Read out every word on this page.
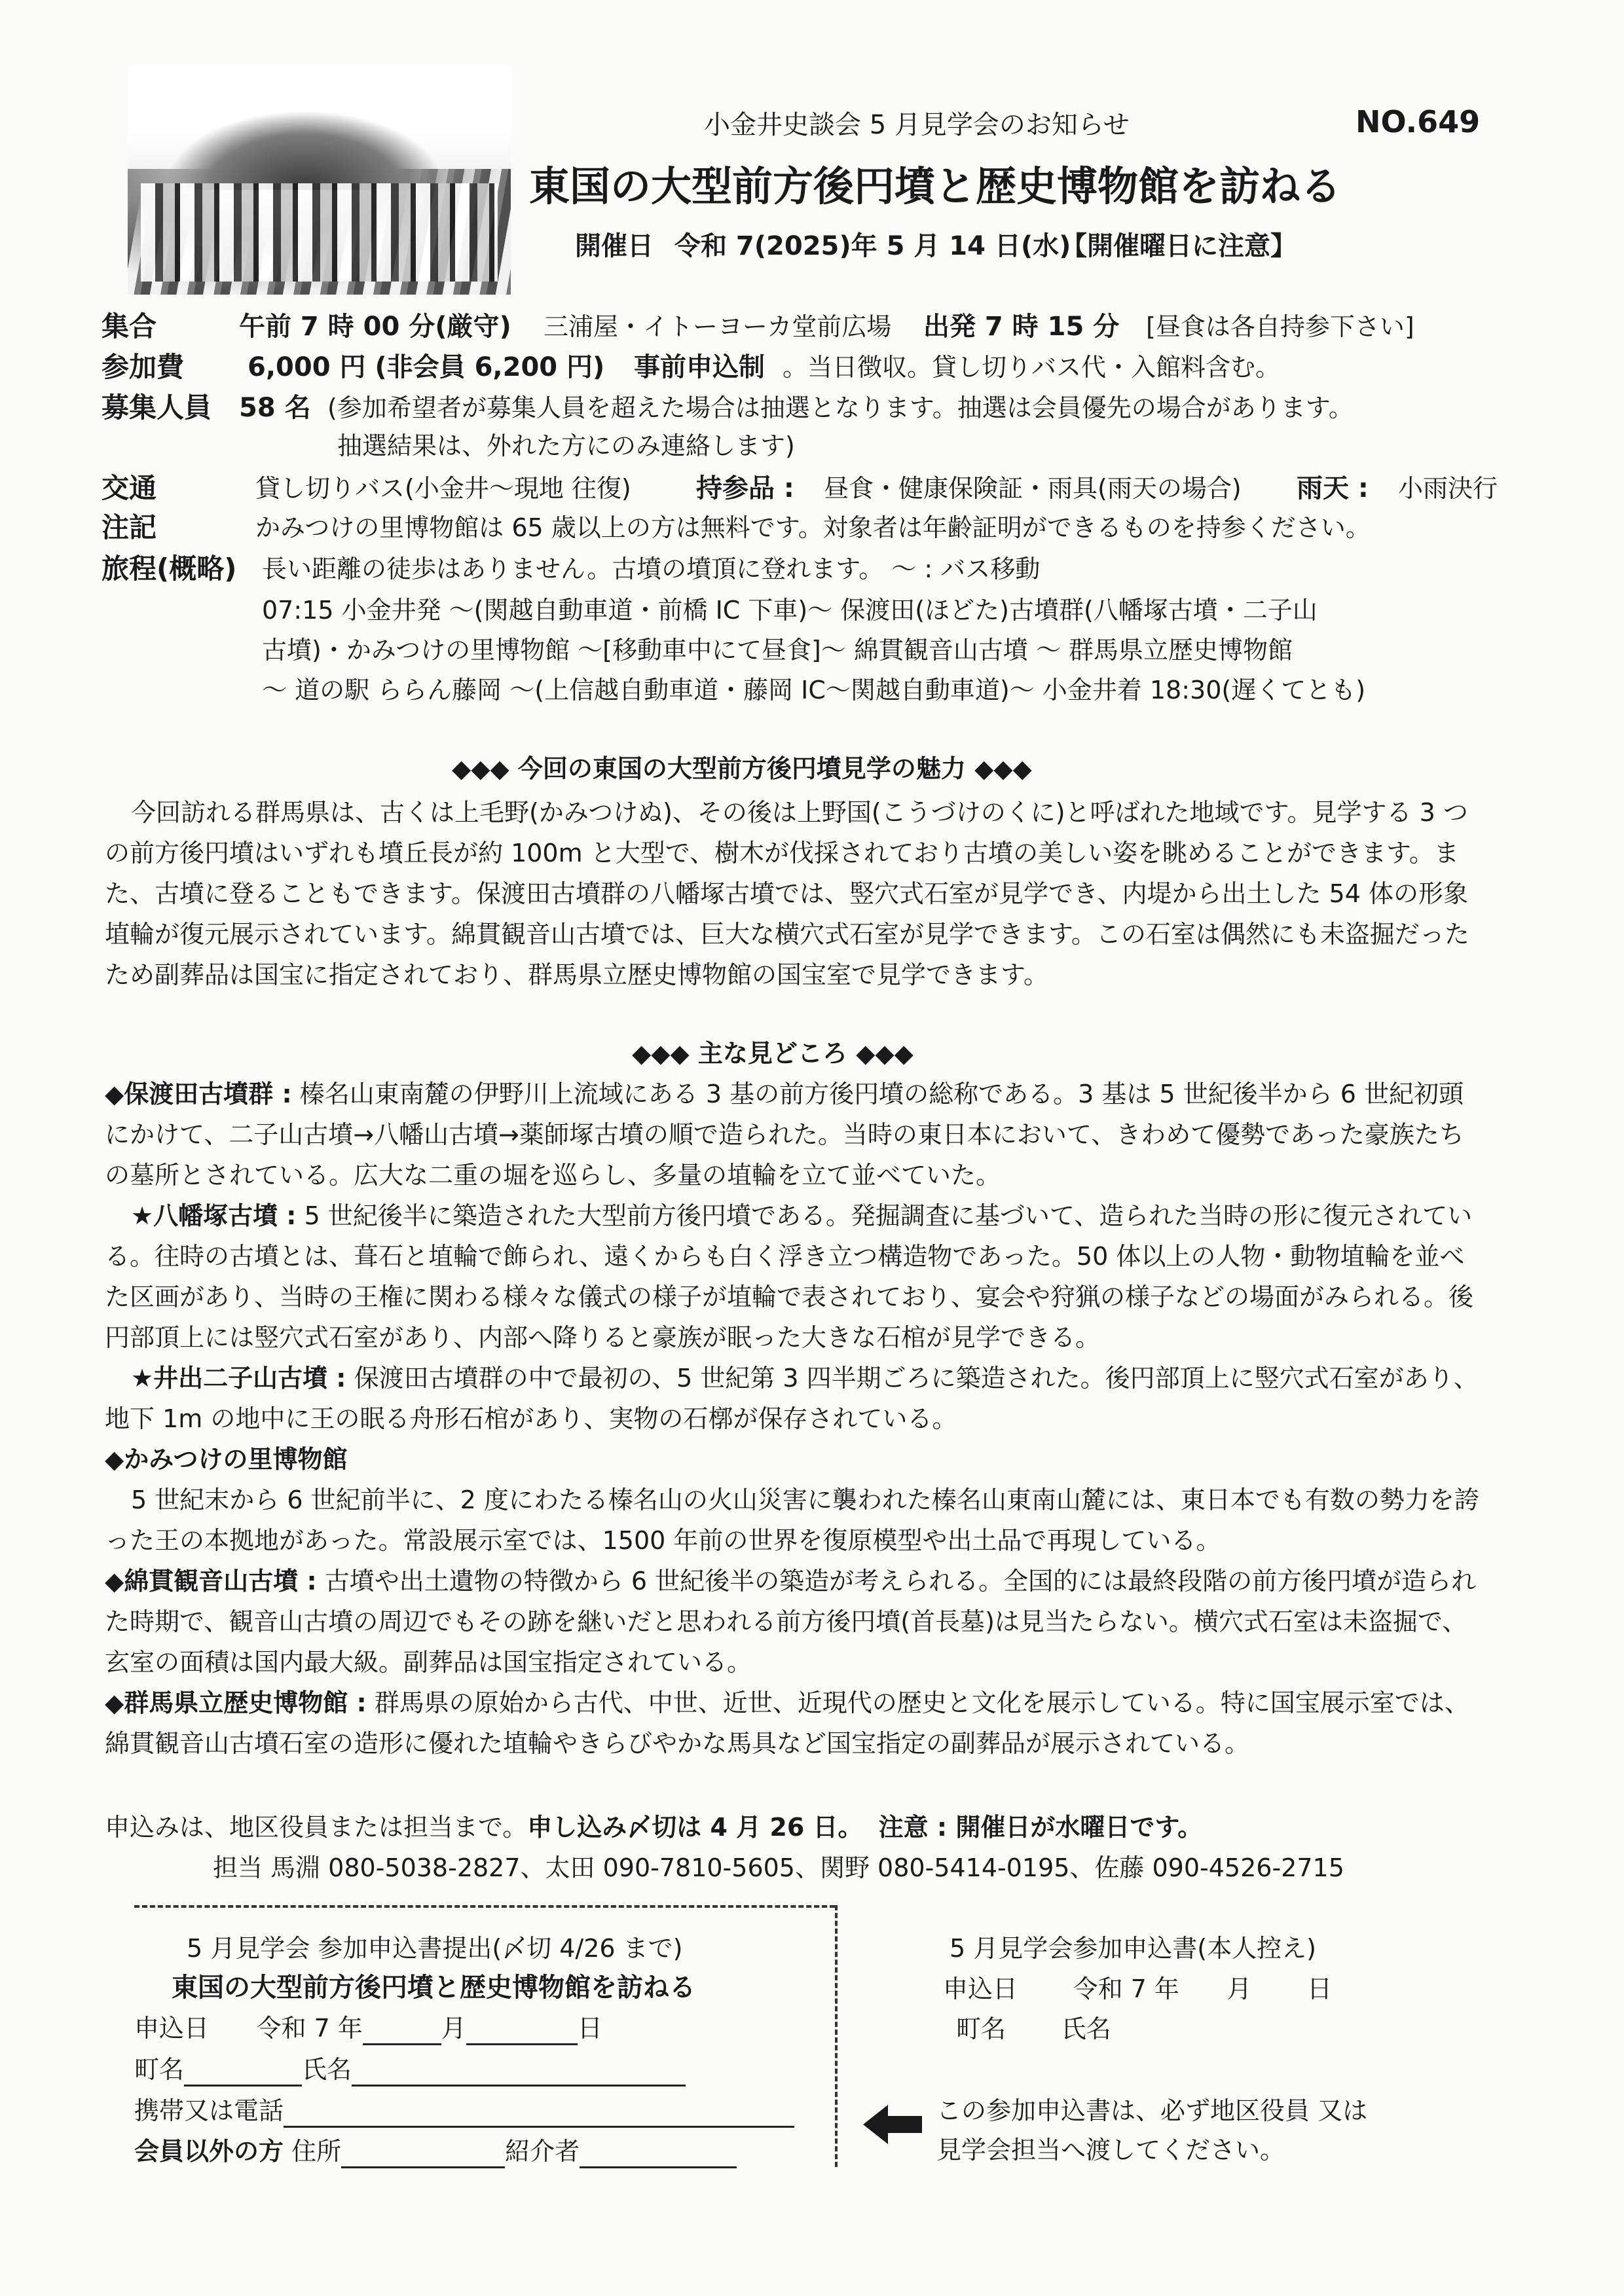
小金井史談会 5 月見学会のお知らせ	NO.649
東国の大型前方後円墳と歴史博物館を訪ねる
開催日 令和 7(2025)年 5 月 14 日(水)
【開催曜日に注意】
集合	午前 7 時 00 分(厳守) 三浦屋・イトーヨーカ堂前広場 出発 7 時 15 分 [昼食は各自持参下さい]
参加費 6,000 円 (非会員 6,200 円) 事前申込制 。当日徴収。貸し切りバス代・入館料含む。
募集人員 58 名 (参加希望者が募集人員を超えた場合は抽選となります。抽選は会員優先の場合があります。
抽選結果は、外れた方にのみ連絡します)
交通	貸し切りバス(小金井～現地 往復) 持参品 : 昼食・健康保険証・雨具(雨天の場合) 雨天 : 小雨決行
注記	かみつけの里博物館は 65 歳以上の方は無料です。対象者は年齢証明ができるものを持参ください。
旅程(概略) 長い距離の徒歩はありません。古墳の墳頂に登れます。 ～ : バス移動
07:15 小金井発 ～(関越自動車道・前橋 IC 下車)～ 保渡田(ほどた)古墳群(八幡塚古墳・二子山
古墳)・かみつけの里博物館 ～[移動車中にて昼食]～ 綿貫観音山古墳 ～ 群馬県立歴史博物館
～ 道の駅 ららん藤岡 ～(上信越自動車道・藤岡 IC～関越自動車道)～ 小金井着 18:30(遅くてとも)
◆◆◆ 今回の東国の大型前方後円墳見学の魅力 ◆◆◆
今回訪れる群馬県は、古くは上毛野(かみつけぬ)、その後は上野国(こうづけのくに)と呼ばれた地域です。見学する 3 つの前方後円墳はいずれも墳丘長が約 100m と大型で、樹木が伐採されており古墳の美しい姿を眺めることができます。また、古墳に登ることもできます。保渡田古墳群の八幡塚古墳では、竪穴式石室が見学でき、内堤から出土した 54 体の形象埴輪が復元展示されています。綿貫観音山古墳では、巨大な横穴式石室が見学できます。この石室は偶然にも未盗掘だったため副葬品は国宝に指定されており、群馬県立歴史博物館の国宝室で見学できます。
◆◆◆ 主な見どころ ◆◆◆

◆保渡田古墳群 : 榛名山東南麓の伊野川上流域にある 3 基の前方後円墳の総称である。3 基は 5 世紀後半から 6 世紀初頭にかけて、二子山古墳→八幡山古墳→薬師塚古墳の順で造られた。当時の東日本において、きわめて優勢であった豪族たちの墓所とされている。広大な二重の堀を巡らし、多量の埴輪を立て並べていた。

★八幡塚古墳 : 5 世紀後半に築造された大型前方後円墳である。発掘調査に基づいて、造られた当時の形に復元されている。往時の古墳とは、葺石と埴輪で飾られ、遠くからも白く浮き立つ構造物であった。50 体以上の人物・動物埴輪を並べた区画があり、当時の王権に関わる様々な儀式の様子が埴輪で表されており、宴会や狩猟の様子などの場面がみられる。後円部頂上には竪穴式石室があり、内部へ降りると豪族が眠った大きな石棺が見学できる。

★井出二子山古墳 : 保渡田古墳群の中で最初の、5 世紀第 3 四半期ごろに築造された。後円部頂上に竪穴式石室があり、地下 1m の地中に王の眠る舟形石棺があり、実物の石槨が保存されている。

◆かみつけの里博物館

5 世紀末から 6 世紀前半に、2 度にわたる榛名山の火山災害に襲われた榛名山東南山麓には、東日本でも有数の勢力を誇った王の本拠地があった。常設展示室では、1500 年前の世界を復原模型や出土品で再現している。

◆綿貫観音山古墳 : 古墳や出土遺物の特徴から 6 世紀後半の築造が考えられる。全国的には最終段階の前方後円墳が造られた時期で、観音山古墳の周辺でもその跡を継いだと思われる前方後円墳(首長墓)は見当たらない。横穴式石室は未盗掘で、玄室の面積は国内最大級。副葬品は国宝指定されている。

◆群馬県立歴史博物館 : 群馬県の原始から古代、中世、近世、近現代の歴史と文化を展示している。特に国宝展示室では、綿貫観音山古墳石室の造形に優れた埴輪やきらびやかな馬具など国宝指定の副葬品が展示されている。

申込みは、地区役員または担当まで。申し込み〆切は 4 月 26 日。 注意 : 開催日が水曜日です。
担当 馬淵 080-5038-2827、太田 090-7810-5605、関野 080-5414-0195、佐藤 090-4526-2715
5 月見学会 参加申込書提出(〆切 4/26 まで)
東国の大型前方後円墳と歴史博物館を訪ねる
申込日 令和 7 年	月	日
町名	氏名
携帯又は電話
会員以外の方 住所	紹介者
5 月見学会参加申込書(本人控え)
申込日 令和 7 年 月 日
町名 氏名
この参加申込書は、必ず地区役員 又は
見学会担当へ渡してください。
